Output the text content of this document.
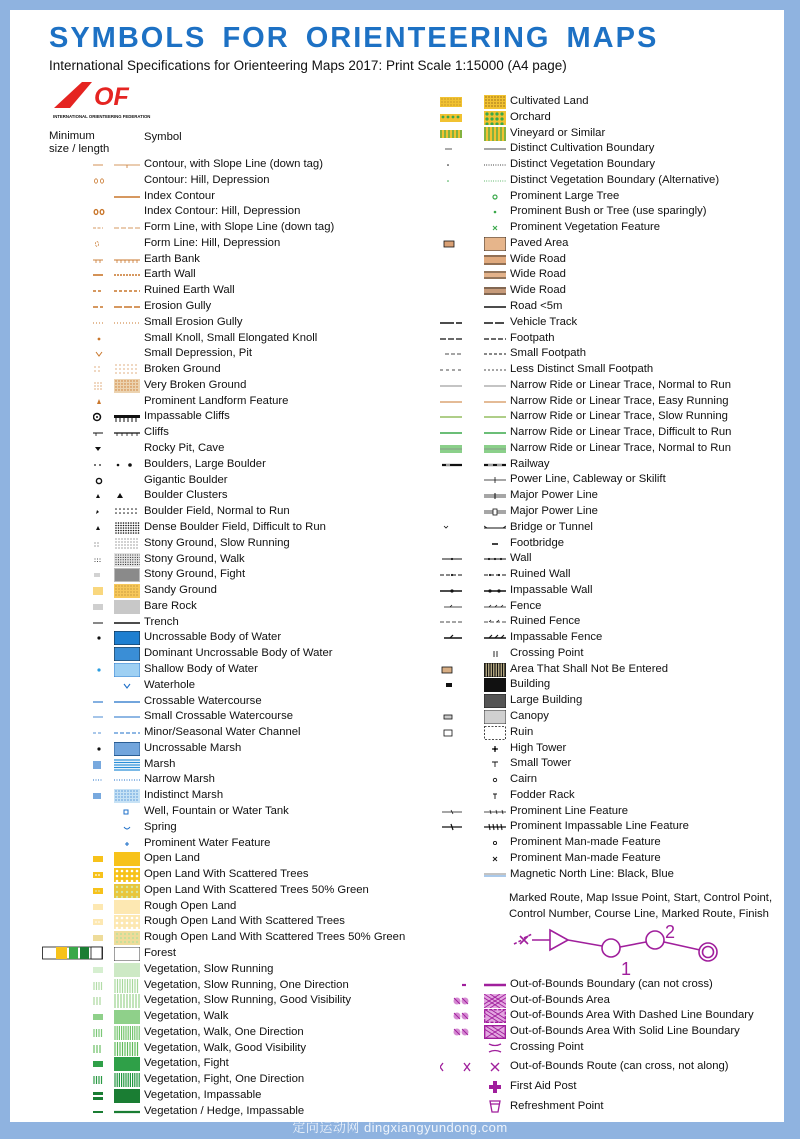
SYMBOLS FOR ORIENTEERING MAPS
International Specifications for Orienteering Maps 2017: Print Scale 1:15000 (A4 page)
OF
INTERNATIONAL ORIENTEERING FEDERATION
Minimum
size / length
Symbol
Contour, with Slope Line (down tag)
Contour: Hill, Depression
Index Contour
Index Contour: Hill, Depression
Form Line, with Slope Line (down tag)
Form Line: Hill, Depression
Earth Bank
Earth Wall
Ruined Earth Wall
Erosion Gully
Small Erosion Gully
Small Knoll, Small Elongated Knoll
Small Depression, Pit
Broken Ground
Very Broken Ground
Prominent Landform Feature
Impassable Cliffs
Cliffs
Rocky Pit, Cave
Boulders, Large Boulder
Gigantic Boulder
Boulder Clusters
Boulder Field, Normal to Run
Dense Boulder Field, Difficult to Run
Stony Ground, Slow Running
Stony Ground, Walk
Stony Ground, Fight
Sandy Ground
Bare Rock
Trench
Uncrossable Body of Water
Dominant Uncrossable Body of Water
Shallow Body of Water
Waterhole
Crossable Watercourse
Small Crossable Watercourse
Minor/Seasonal Water Channel
Uncrossable Marsh
Marsh
Narrow Marsh
Indistinct Marsh
Well, Fountain or Water Tank
Spring
Prominent Water Feature
Open Land
Open Land With Scattered Trees
Open Land With Scattered Trees 50% Green
Rough Open Land
Rough Open Land With Scattered Trees
Rough Open Land With Scattered Trees 50% Green
Forest
Vegetation, Slow Running
Vegetation, Slow Running, One Direction
Vegetation, Slow Running, Good Visibility
Vegetation, Walk
Vegetation, Walk, One Direction
Vegetation, Walk, Good Visibility
Vegetation, Fight
Vegetation, Fight, One Direction
Vegetation, Impassable
Vegetation / Hedge, Impassable
Cultivated Land
Orchard
Vineyard or Similar
Distinct Cultivation Boundary
Distinct Vegetation Boundary
Distinct Vegetation Boundary (Alternative)
Prominent Large Tree
Prominent Bush or Tree (use sparingly)
Prominent Vegetation Feature
Paved Area
Wide Road
Wide Road
Wide Road
Road <5m
Vehicle Track
Footpath
Small Footpath
Less Distinct Small Footpath
Narrow Ride or Linear Trace, Normal to Run
Narrow Ride or Linear Trace, Easy Running
Narrow Ride or Linear Trace, Slow Running
Narrow Ride or Linear Trace, Difficult to Run
Narrow Ride or Linear Trace, Normal to Run
Railway
Power Line, Cableway or Skilift
Major Power Line
Major Power Line
Bridge or Tunnel
Footbridge
Wall
Ruined Wall
Impassable Wall
Fence
Ruined Fence
Impassable Fence
Crossing Point
Area That Shall Not Be Entered
Building
Large Building
Canopy
Ruin
High Tower
Small Tower
Cairn
Fodder Rack
Prominent Line Feature
Prominent Impassable Line Feature
Prominent Man-made Feature
Prominent Man-made Feature
Magnetic North Line: Black, Blue
Marked Route, Map Issue Point, Start, Control Point,
Control Number, Course Line, Marked Route, Finish
1
2
Out-of-Bounds Boundary (can not cross)
Out-of-Bounds Area
Out-of-Bounds Area With Dashed Line Boundary
Out-of-Bounds Area With Solid Line Boundary
Crossing Point
Out-of-Bounds Route (can cross, not along)
First Aid Post
Refreshment Point
定向运动网 dingxiangyundong.com
